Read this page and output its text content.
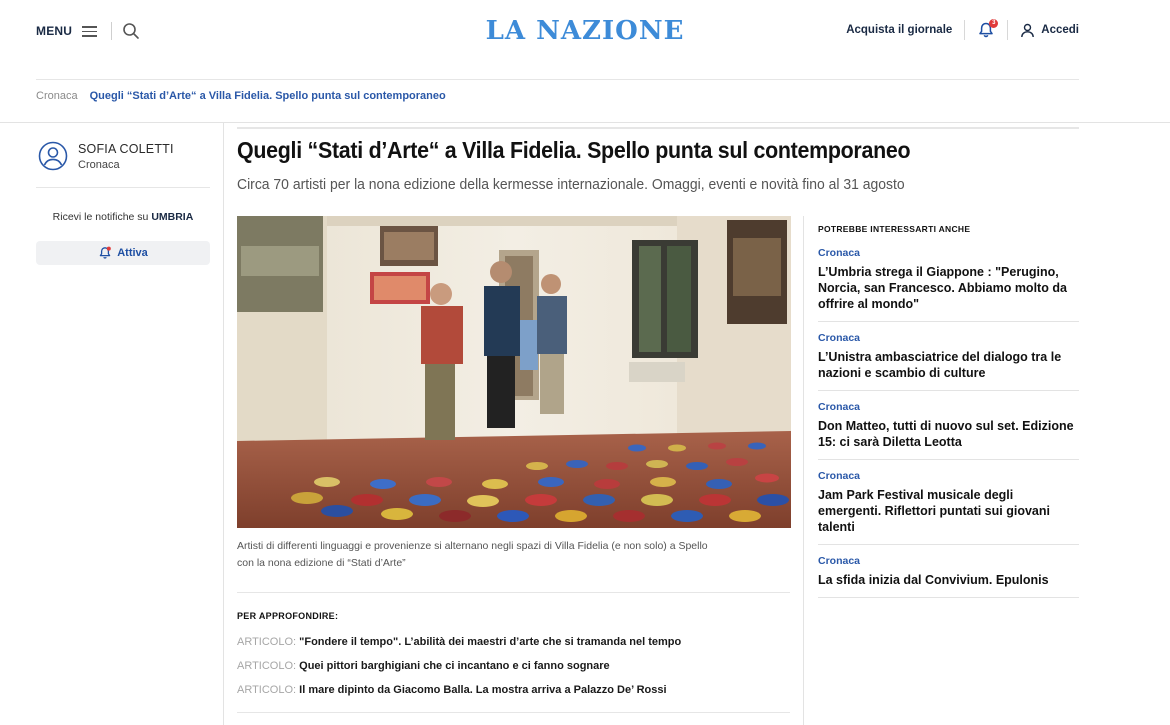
MENU	LA NAZIONE	Acquista il giornale
3
Accedi
Cronaca Quegli “Stati d’Arte“ a Villa Fidelia. Spello punta sul contemporaneo
SOFIA COLETTI
Cronaca
Ricevi le notifiche su UMBRIA
Attiva
Quegli “Stati d’Arte“ a Villa Fidelia. Spello punta sul contemporaneo
Circa 70 artisti per la nona edizione della kermesse internazionale. Omaggi, eventi e novità fino al 31 agosto
Artisti di differenti linguaggi e provenienze si alternano negli spazi di Villa Fidelia (e non solo) a Spello
con la nona edizione di “Stati d’Arte”
PER APPROFONDIRE:
ARTICOLO: "Fondere il tempo". L’abilità dei maestri d’arte che si tramanda nel tempo
ARTICOLO: Quei pittori barghigiani che ci incantano e ci fanno sognare
ARTICOLO: Il mare dipinto da Giacomo Balla. La mostra arriva a Palazzo De’ Rossi
POTREBBE INTERESSARTI ANCHE
Cronaca
L’Umbria stregа il Giappone : "Perugino, Norcia, san Francesco. Abbiamo molto da offrire al mondo"
Cronaca
L’Unistra ambasciatrice del dialogo tra le nazioni e scambio di culture
Cronaca
Don Matteo, tutti di nuovo sul set. Edizione 15: ci sarà Diletta Leotta
Cronaca
Jam Park Festival musicale degli emergenti. Riflettori puntati sui giovani talenti
Cronaca
La sfida inizia dal Convivium. Epulonis
